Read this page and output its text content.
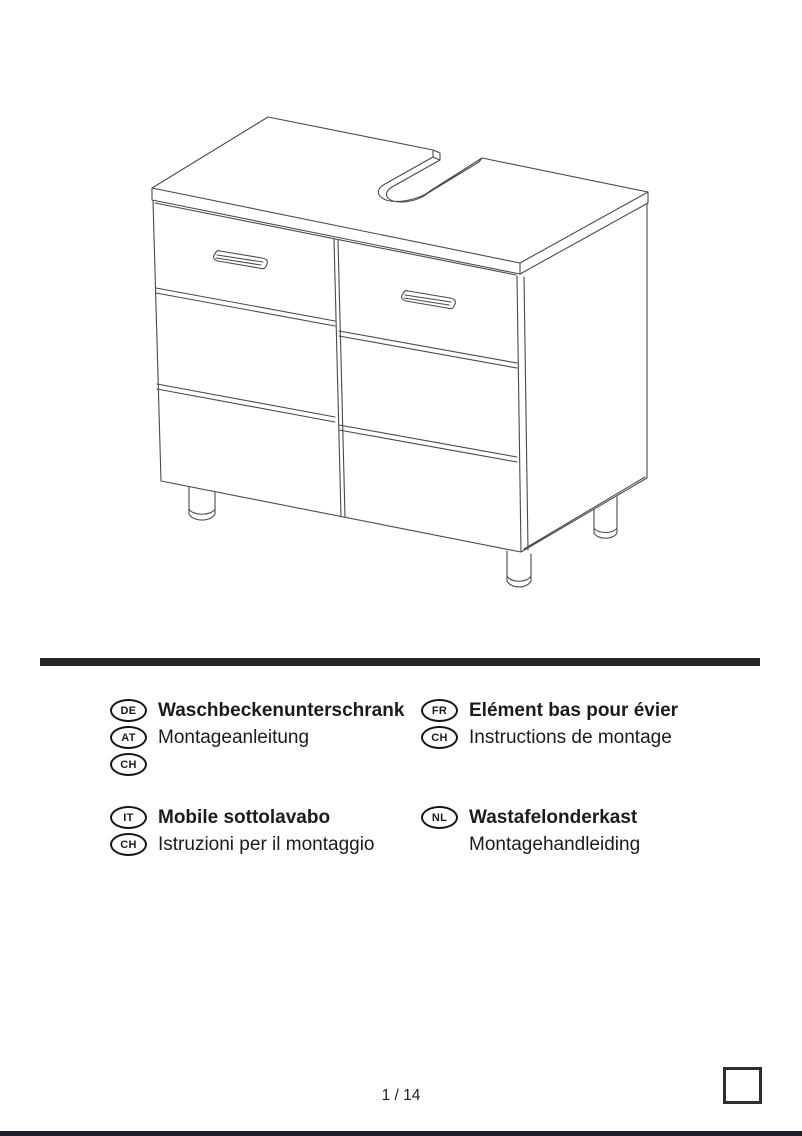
DE	Waschbeckenunterschrank
AT	Montageanleitung
CH
FR	Elément bas pour évier
CH	Instructions de montage
IT	Mobile sottolavabo
CH	Istruzioni per il montaggio
NL	Wastafelonderkast
Montagehandleiding
1 / 14
